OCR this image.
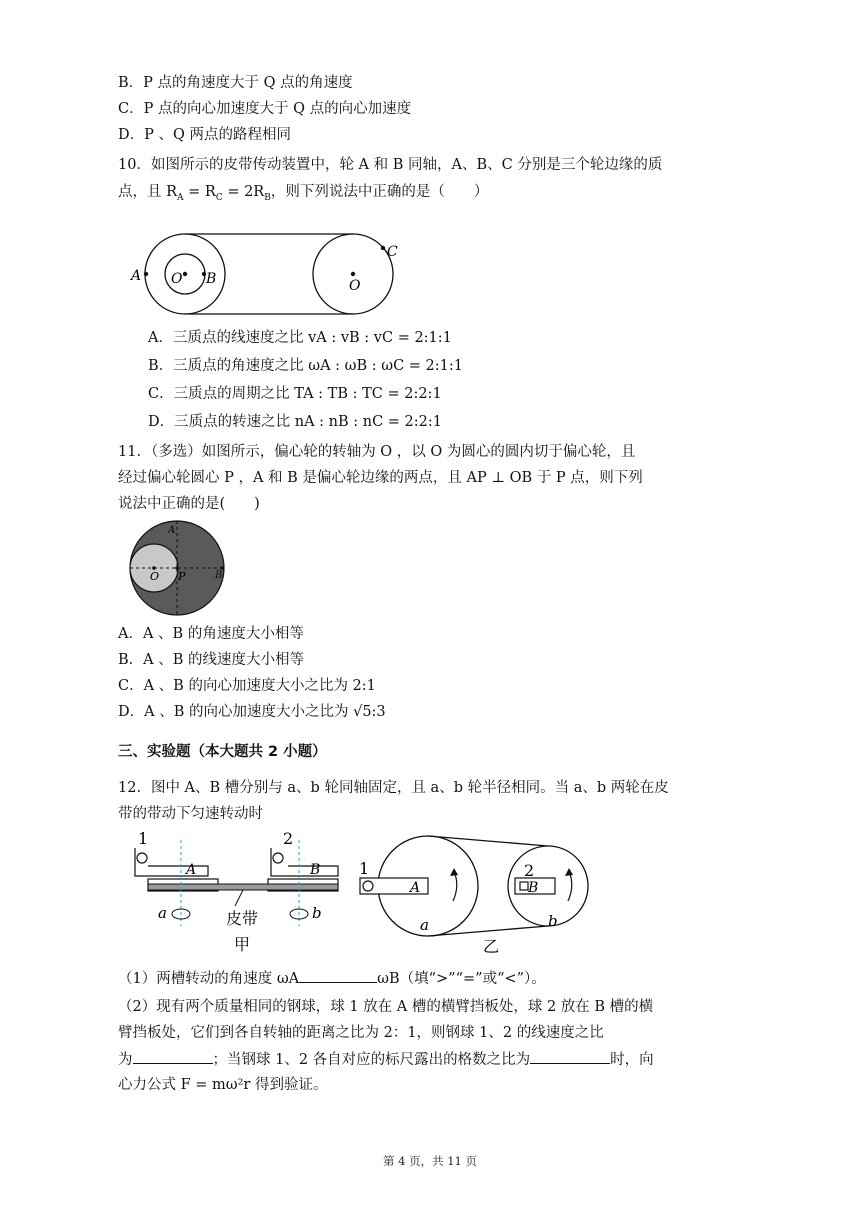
B．P 点的角速度大于 Q 点的角速度
C．P 点的向心加速度大于 Q 点的向心加速度
D．P 、Q 两点的路程相同
10．如图所示的皮带传动装置中，轮 A 和 B 同轴，A、B、C 分别是三个轮边缘的质
点，且 $R_A = R_C = 2R_B$，则下列说法中正确的是（　　）
A O B
C
O
A．三质点的线速度之比 vA : vB : vC = 2:1:1
B．三质点的角速度之比 ωA : ωB : ωC = 2:1:1
C．三质点的周期之比 TA : TB : TC = 2:2:1
D．三质点的转速之比 nA : nB : nC = 2:2:1
11．（多选）如图所示，偏心轮的转轴为 O ，以 O 为圆心的圆内切于偏心轮，且
经过偏心轮圆心 P ，A 和 B 是偏心轮边缘的两点，且 AP ⊥ OB 于 P 点，则下列
说法中正确的是(　　)
A
O P	B
A．A 、B 的角速度大小相等
B．A 、B 的线速度大小相等
C．A 、B 的向心加速度大小之比为 2:1
D．A 、B 的向心加速度大小之比为 √5:3
三、实验题（本大题共 2 小题）
12．图中 A、B 槽分别与 a、b 轮同轴固定，且 a、b 轮半径相同。当 a、b 两轮在皮
带的带动下匀速转动时
1	2
A	B
a	b
皮带
甲
A
1
B
2
a	b
乙
（1）两槽转动的角速度 ωA	ωB（填“>”“=”或“<”）。
（2）现有两个质量相同的钢球，球 1 放在 A 槽的横臂挡板处，球 2 放在 B 槽的横
臂挡板处，它们到各自转轴的距离之比为 2：1，则钢球 1、2 的线速度之比
为	；当钢球 1、2 各自对应的标尺露出的格数之比为	时，向
心力公式 F = mω²r 得到验证。
第 4 页，共 11 页
